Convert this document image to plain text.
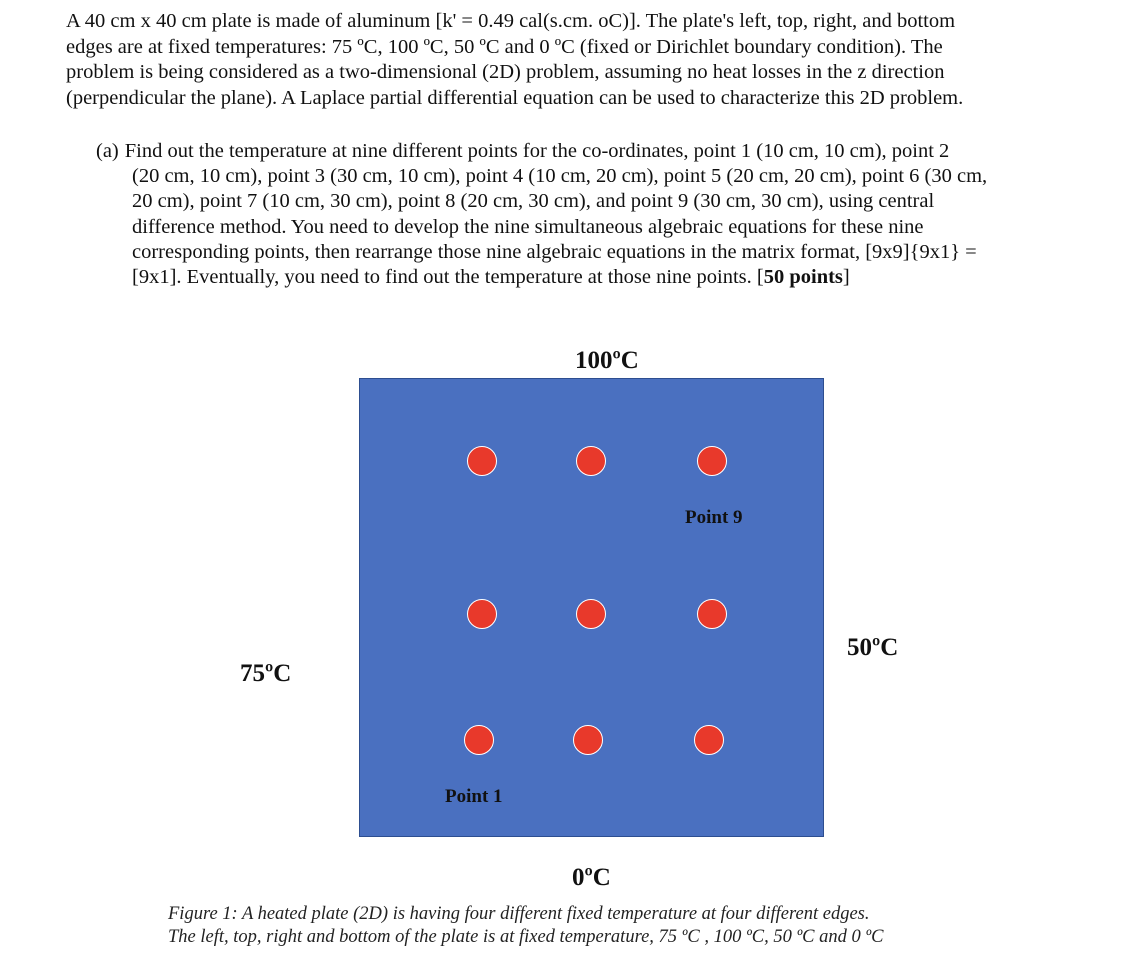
A 40 cm x 40 cm plate is made of aluminum [k' = 0.49 cal(s.cm. oC)]. The plate's left, top, right, and bottom
edges are at fixed temperatures: 75 ºC, 100 ºC, 50 ºC and 0 ºC (fixed or Dirichlet boundary condition). The
problem is being considered as a two-dimensional (2D) problem, assuming no heat losses in the z direction
(perpendicular the plane). A Laplace partial differential equation can be used to characterize this 2D problem.
(a) Find out the temperature at nine different points for the co-ordinates, point 1 (10 cm, 10 cm), point 2
(20 cm, 10 cm), point 3 (30 cm, 10 cm), point 4 (10 cm, 20 cm), point 5 (20 cm, 20 cm), point 6 (30 cm,
20 cm), point 7 (10 cm, 30 cm), point 8 (20 cm, 30 cm), and point 9 (30 cm, 30 cm), using central
difference method. You need to develop the nine simultaneous algebraic equations for these nine
corresponding points, then rearrange those nine algebraic equations in the matrix format, [9x9]{9x1} =
[9x1]. Eventually, you need to find out the temperature at those nine points. [50 points]
100ºC
75ºC
50ºC
0ºC
Point 9
Point 1
Figure 1: A heated plate (2D) is having four different fixed temperature at four different edges.
The left, top, right and bottom of the plate is at fixed temperature, 75 ºC , 100 ºC, 50 ºC and 0 ºC
